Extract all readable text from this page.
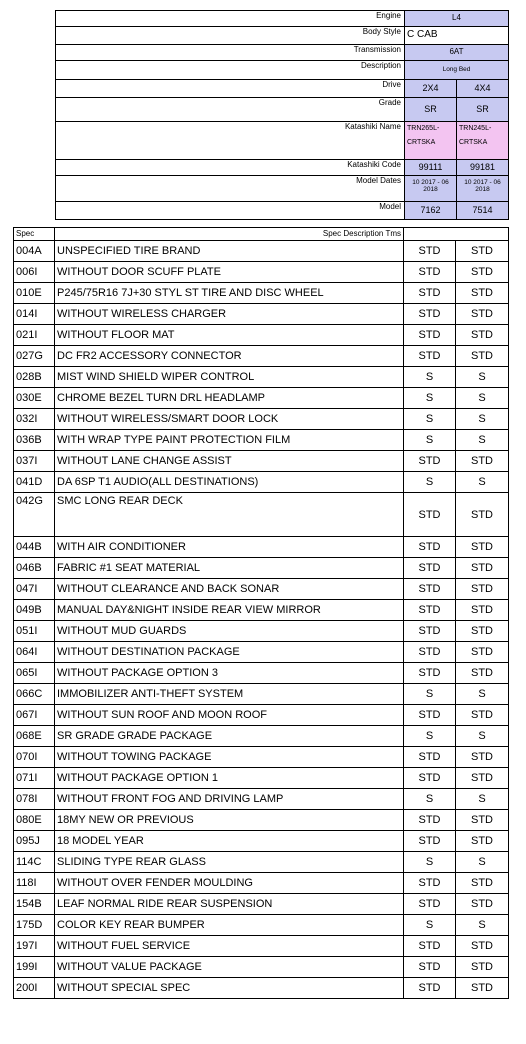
Engine	L4	
Body Style	C CAB	
Transmission	6AT	
Description	Long Bed	
Drive	2X4	4X4
Grade	SR	SR
Katashiki Name	TRN265L-CRTSKA	TRN245L-CRTSKA
Katashiki Code	99111	99181
Model Dates	10 2017 - 06 2018	10 2017 - 06 2018
Model	7162	7514
Spec	Spec Description Tms		
004A	UNSPECIFIED TIRE BRAND	STD	STD
006I	WITHOUT DOOR SCUFF PLATE	STD	STD
010E	P245/75R16 7J+30 STYL ST TIRE AND DISC WHEEL	STD	STD
014I	WITHOUT WIRELESS CHARGER	STD	STD
021I	WITHOUT FLOOR MAT	STD	STD
027G	DC FR2 ACCESSORY CONNECTOR	STD	STD
028B	MIST WIND SHIELD WIPER CONTROL	S	S
030E	CHROME BEZEL TURN DRL HEADLAMP	S	S
032I	WITHOUT WIRELESS/SMART DOOR LOCK	S	S
036B	WITH WRAP TYPE PAINT PROTECTION FILM	S	S
037I	WITHOUT LANE CHANGE ASSIST	STD	STD
041D	DA 6SP T1 AUDIO(ALL DESTINATIONS)	S	S
042G	SMC LONG REAR DECK	STD	STD
044B	WITH AIR CONDITIONER	STD	STD
046B	FABRIC #1 SEAT MATERIAL	STD	STD
047I	WITHOUT CLEARANCE AND BACK SONAR	STD	STD
049B	MANUAL DAY&NIGHT INSIDE REAR VIEW MIRROR	STD	STD
051I	WITHOUT MUD GUARDS	STD	STD
064I	WITHOUT DESTINATION PACKAGE	STD	STD
065I	WITHOUT PACKAGE OPTION 3	STD	STD
066C	IMMOBILIZER ANTI-THEFT SYSTEM	S	S
067I	WITHOUT SUN ROOF AND MOON ROOF	STD	STD
068E	SR GRADE GRADE PACKAGE	S	S
070I	WITHOUT TOWING PACKAGE	STD	STD
071I	WITHOUT PACKAGE OPTION 1	STD	STD
078I	WITHOUT FRONT FOG AND DRIVING LAMP	S	S
080E	18MY NEW OR PREVIOUS	STD	STD
095J	18 MODEL YEAR	STD	STD
114C	SLIDING TYPE REAR GLASS	S	S
118I	WITHOUT OVER FENDER MOULDING	STD	STD
154B	LEAF NORMAL RIDE REAR SUSPENSION	STD	STD
175D	COLOR KEY REAR BUMPER	S	S
197I	WITHOUT FUEL SERVICE	STD	STD
199I	WITHOUT VALUE PACKAGE	STD	STD
200I	WITHOUT SPECIAL SPEC	STD	STD
